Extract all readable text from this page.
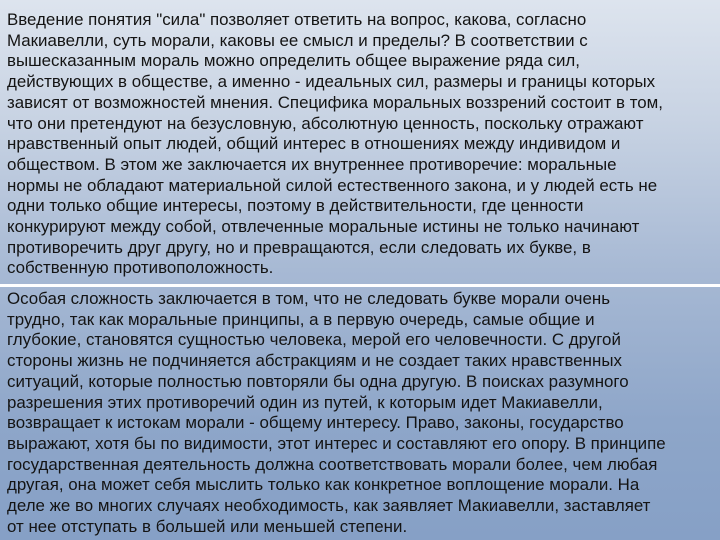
Введение понятия "сила" позволяет ответить на вопрос, какова, согласно
Макиавелли, суть морали, каковы ее смысл и пределы? В соответствии с
вышесказанным мораль можно определить общее выражение ряда сил,
действующих в обществе, а именно - идеальных сил, размеры и границы которых
зависят от возможностей мнения. Специфика моральных воззрений состоит в том,
что они претендуют на безусловную, абсолютную ценность, поскольку отражают
нравственный опыт людей, общий интерес в отношениях между индивидом и
обществом. В этом же заключается их внутреннее противоречие: моральные
нормы не обладают материальной силой естественного закона, и у людей есть не
одни только общие интересы, поэтому в действительности, где ценности
конкурируют между собой, отвлеченные моральные истины не только начинают
противоречить друг другу, но и превращаются, если следовать их букве, в
собственную противоположность.
Особая сложность заключается в том, что не следовать букве морали очень
трудно, так как моральные принципы, а в первую очередь, самые общие и
глубокие, становятся сущностью человека, мерой его человечности. С другой
стороны жизнь не подчиняется абстракциям и не создает таких нравственных
ситуаций, которые полностью повторяли бы одна другую. В поисках разумного
разрешения этих противоречий один из путей, к которым идет Макиавелли,
возвращает к истокам морали - общему интересу. Право, законы, государство
выражают, хотя бы по видимости, этот интерес и составляют его опору. В принципе
государственная деятельность должна соответствовать морали более, чем любая
другая, она может себя мыслить только как конкретное воплощение морали. На
деле же во многих случаях необходимость, как заявляет Макиавелли, заставляет
от нее отступать в большей или меньшей степени.
